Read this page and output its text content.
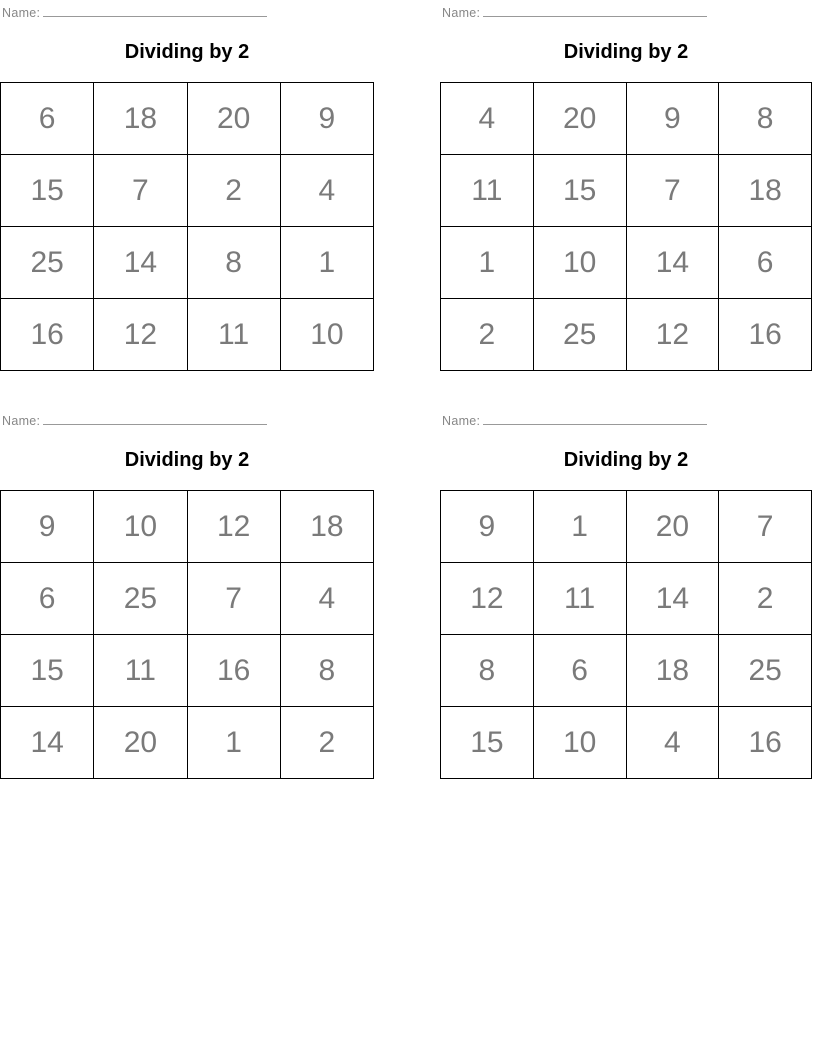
Name:
Dividing by 2
6	18	20	9
15	7	2	4
25	14	8	1
16	12	11	10
Name:
Dividing by 2
4	20	9	8
11	15	7	18
1	10	14	6
2	25	12	16
Name:
Dividing by 2
9	10	12	18
6	25	7	4
15	11	16	8
14	20	1	2
Name:
Dividing by 2
9	1	20	7
12	11	14	2
8	6	18	25
15	10	4	16
